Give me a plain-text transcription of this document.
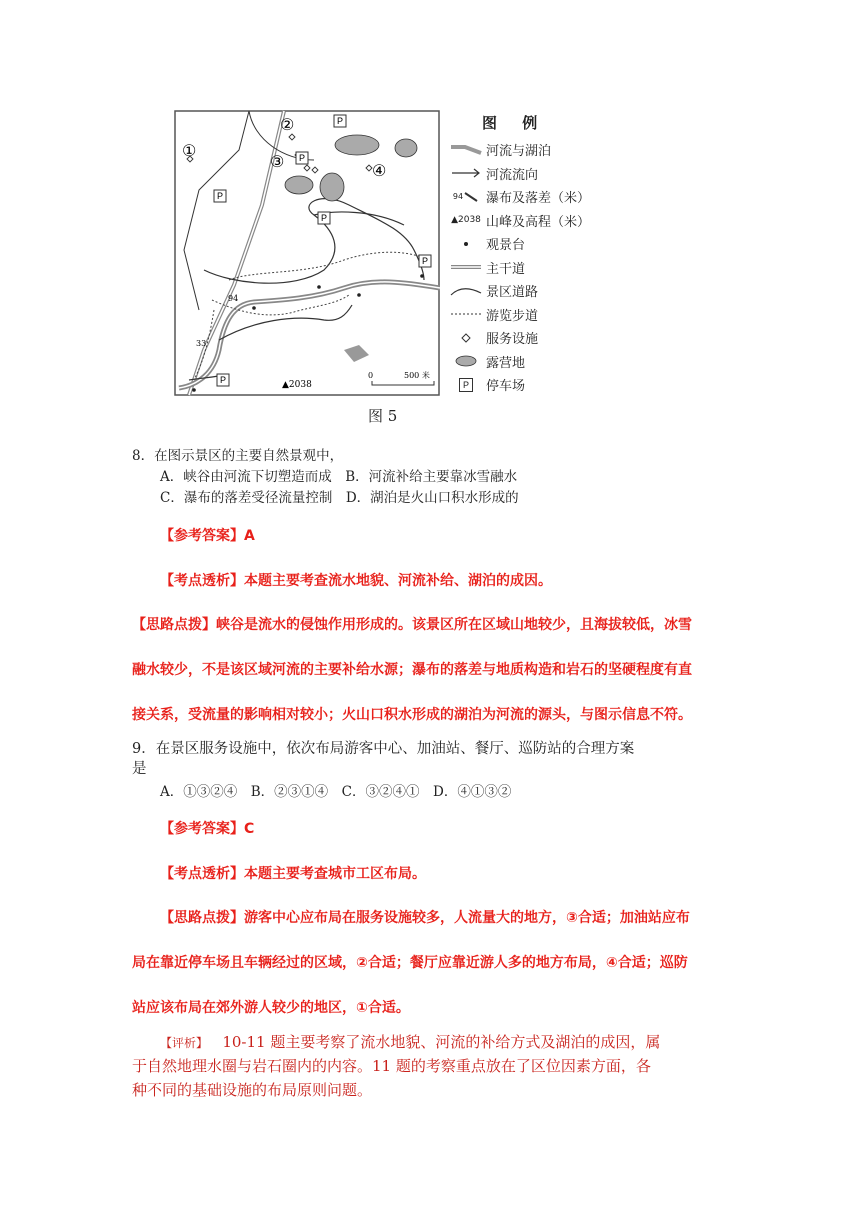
①
②
③	④
P
P
P
P
P
P
94
33
▲2038
0	500 米
图 例
河流与湖泊
河流流向
94 瀑布及落差（米）
▲2038 山峰及高程（米）
观景台
主干道
景区道路
游览步道
服务设施
露营地
P	停车场
图 5
8．在图示景区的主要自然景观中，
A．峡谷由河流下切塑造而成　B．河流补给主要靠冰雪融水
C．瀑布的落差受径流量控制　D．湖泊是火山口积水形成的
【参考答案】A
【考点透析】本题主要考查流水地貌、河流补给、湖泊的成因。
【思路点拨】峡谷是流水的侵蚀作用形成的。该景区所在区域山地较少，且海拔较低，冰雪
融水较少，不是该区域河流的主要补给水源；瀑布的落差与地质构造和岩石的坚硬程度有直
接关系，受流量的影响相对较小；火山口积水形成的湖泊为河流的源头，与图示信息不符。
9．在景区服务设施中，依次布局游客中心、加油站、餐厅、巡防站的合理方案
是
A．①③②④　B．②③①④　C．③②④①　D．④①③②
【参考答案】C
【考点透析】本题主要考查城市工区布局。
【思路点拨】游客中心应布局在服务设施较多，人流量大的地方，③合适；加油站应布
局在靠近停车场且车辆经过的区域，②合适；餐厅应靠近游人多的地方布局，④合适；巡防
站应该布局在郊外游人较少的地区，①合适。
【评析】 10-11 题主要考察了流水地貌、河流的补给方式及湖泊的成因，属
于自然地理水圈与岩石圈内的内容。11 题的考察重点放在了区位因素方面，各
种不同的基础设施的布局原则问题。
